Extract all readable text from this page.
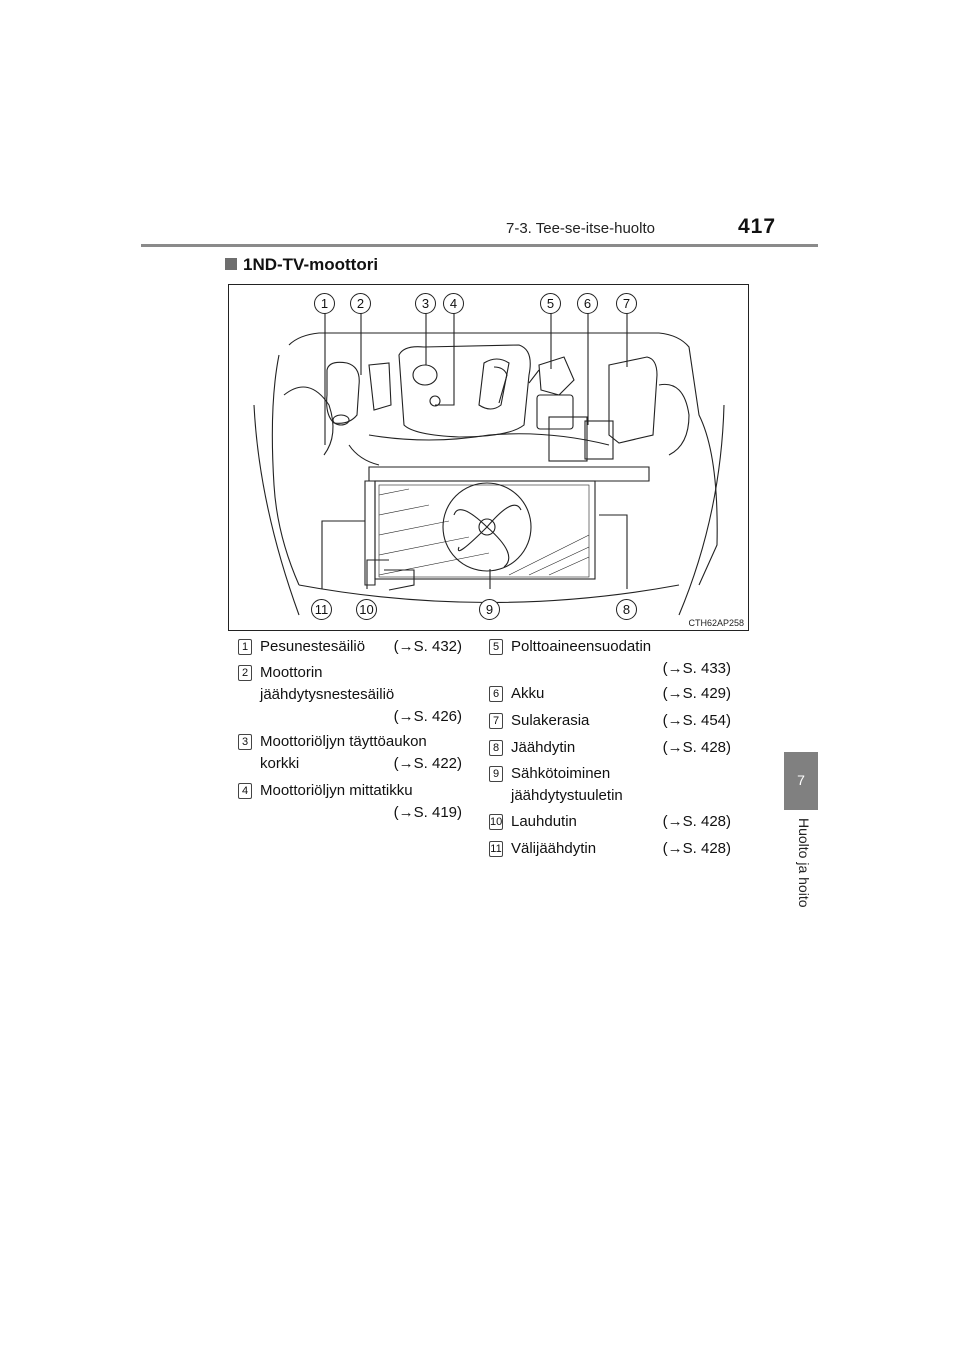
7-3. Tee-se-itse-huolto	417
7
Huolto ja hoito
1ND-TV-moottori
1	2	3	4	5	6	7
8
9
10
11
CTH62AP258
1 Pesunestesäiliö (→S. 432)
2 Moottorin
jäähdytysnestesäiliö
(→S. 426)
3 Moottoriöljyn täyttöaukon
korkki	(→S. 422)
4 Moottoriöljyn mittatikku
(→S. 419)
5 Polttoaineensuodatin
(→S. 433)
6 Akku	(→S. 429)
7 Sulakerasia	(→S. 454)
8 Jäähdytin	(→S. 428)
9 Sähkötoiminen
jäähdytystuuletin
10 Lauhdutin	(→S. 428)
11 Välijäähdytin	(→S. 428)
